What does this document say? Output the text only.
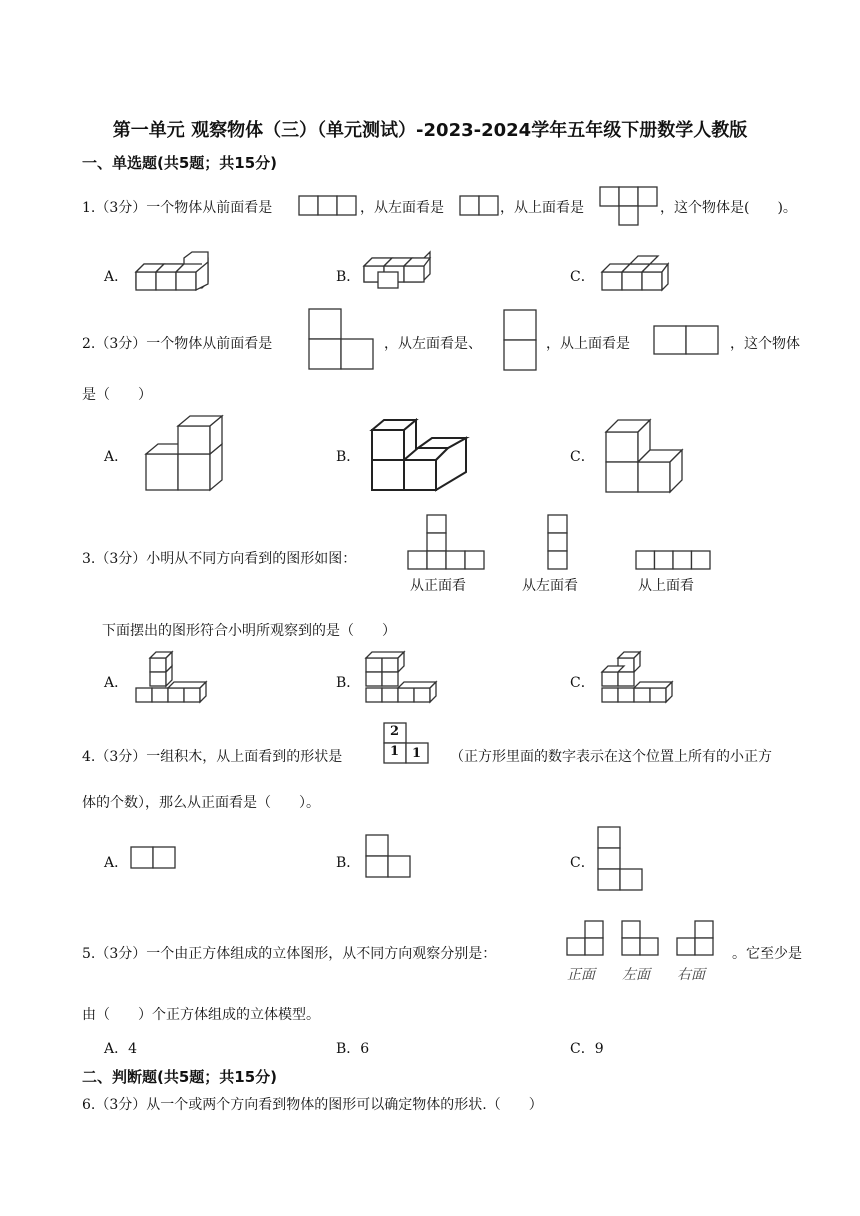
第一单元 观察物体（三）（单元测试）-2023-2024学年五年级下册数学人教版
一、单选题(共5题；共15分)
1.（3分）一个物体从前面看是	，从左面看是	，从上面看是	，这个物体是(　　)。
A．	B．	C．
2.（3分）一个物体从前面看是	，从左面看是、	，从上面看是	，这个物体
是（　　）
A．	B．	C．
3.（3分）小明从不同方向看到的图形如图：
从正面看	从左面看	从上面看
下面摆出的图形符合小明所观察到的是（　　）
A．	B．	C．
4.（3分）一组积木，从上面看到的形状是
2
1 1 （正方形里面的数字表示在这个位置上所有的小正方
体的个数），那么从正面看是（　　）。
A．	B．	C．
5.（3分）一个由正方体组成的立体图形，从不同方向观察分别是：
正面 左面 右面
。它至少是
由（　　）个正方体组成的立体模型。
A．4	B．6	C．9
二、判断题(共5题；共15分)
6.（3分）从一个或两个方向看到物体的图形可以确定物体的形状.（　　）
